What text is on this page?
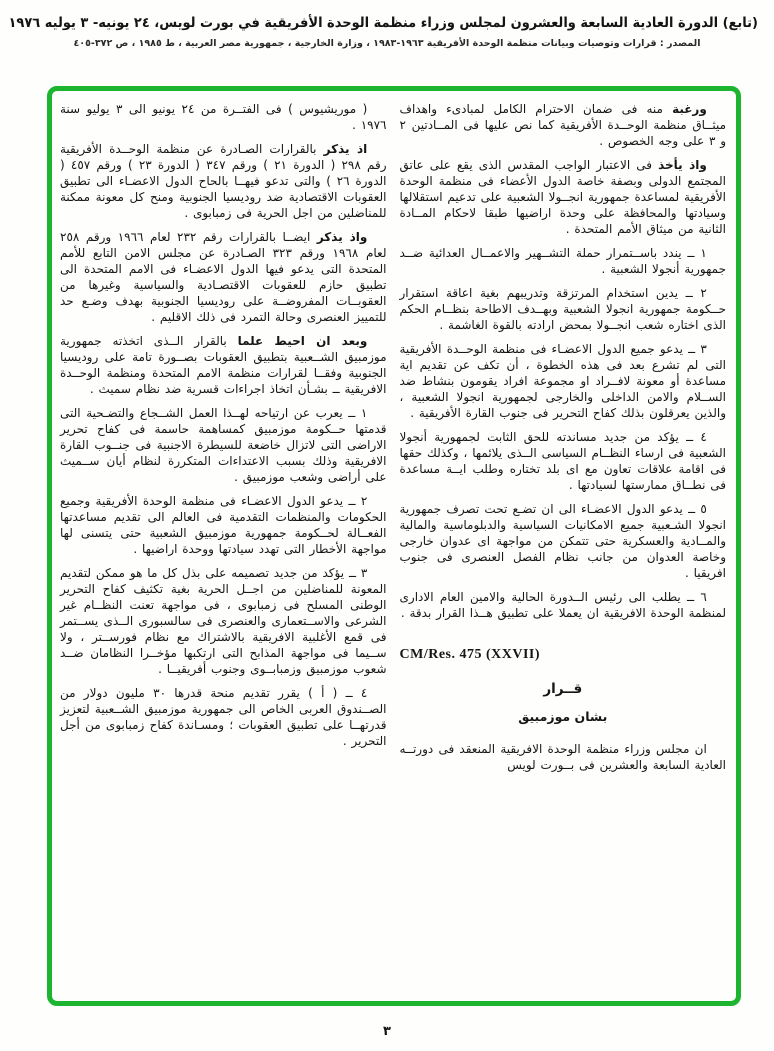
(تابع) الدورة العادية السابعة والعشرون لمجلس وزراء منظمة الوحدة الأفريقية في بورت لويس، ٢٤ يونيه- ٣ يوليه ١٩٧٦
المصدر : قرارات وتوصيات وبيانات منظمة الوحدة الأفريقية ١٩٦٣-١٩٨٣ ، وزارة الخارجية ، جمهورية مصر العربية ، ط ١٩٨٥ ، ص ٣٧٢-٤٠٥

ورغبة منه فى ضمان الاحترام الكامل لمبادىء واهداف ميثــاق منظمة الوحــدة الأفريقية كما نص عليها فى المــادتين ٢ و ٣ على وجه الخصوص .

واذ يأخذ فى الاعتبار الواجب المقدس الذى يقع على عاتق المجتمع الدولى وبصفة خاصة الدول الأعضاء فى منظمة الوحدة الأفريقية لمساعدة جمهورية انجــولا الشعبية على تدعيم استقلالها وسيادتها والمحافظة على وحدة اراضيها طبقا لاحكام المــادة الثانية من ميثاق الأمم المتحدة .

١ ــ يندد باســتمرار حملة التشــهير والاعمــال العدائية ضــد جمهورية أنجولا الشعبية .

٢ ــ يدين استخدام المرتزقة وتدريبهم بغية اعاقة استقرار حــكومة جمهورية انجولا الشعبية وبهــدف الاطاحة بنظــام الحكم الذى اختاره شعب انجــولا بمحض ارادته بالقوة الغاشمة .

٣ ــ يدعو جميع الدول الاعضـاء فى منظمة الوحــدة الأفريقية التى لم تشرع بعد فى هذه الخطوة ، أن تكف عن تقديم اية مساعدة أو معونة لافــراد او مجموعة افراد يقومون بنشاط ضد الســلام والامن الداخلى والخارجى لجمهورية انجولا الشعبية ، والذين يعرقلون بذلك كفاح التحرير فى جنوب القارة الأفريقية .

٤ ــ يؤكد من جديد مساندته للحق الثابت لجمهورية أنجولا الشعبية فى ارساء النظــام السياسى الــذى يلائمها ، وكذلك حقها فى اقامة علاقات تعاون مع اى بلد تختاره وطلب ايــة مساعدة فى نطــاق ممارستها لسيادتها .

٥ ــ يدعو الدول الاعضـاء الى ان تضـع تحت تصرف جمهورية انجولا الشـعبية جميع الامكانيات السياسية والدبلوماسية والمالية والمــادية والعسكرية حتى تتمكن من مواجهة اى عدوان خارجى وخاصة العدوان من جانب نظام الفصل العنصرى فى جنوب افريقيا .

٦ ــ يطلب الى رئيس الــدورة الحالية والامين العام الادارى لمنظمة الوحدة الافريقية ان يعملا على تطبيق هــذا القرار بدقة .

CM/Res. 475 (XXVII)
قــرار
بشان موزمبيق

ان مجلس وزراء منظمة الوحدة الافريقية المنعقد فى دورتــه العادية السابعة والعشرين فى بــورت لويس

( موريشيوس ) فى الفتــرة من ٢٤ يونيو الى ٣ يوليو سنة ١٩٧٦ .

اذ يذكر بالقرارات الصـادرة عن منظمة الوحــدة الأفريقية رقم ٢٩٨ ( الدورة ٢١ ) ورقم ٣٤٧ ( الدورة ٢٣ ) ورقم ٤٥٧ ( الدورة ٢٦ ) والتى تدعو فيهــا بالحاح الدول الاعضـاء الى تطبيق العقوبات الاقتصادية ضد روديسيا الجنوبية ومنح كل معونة ممكنة للمناضلين من اجل الحرية فى زمبابوى .

واذ يذكر ايضــا بالقرارات رقم ٢٣٢ لعام ١٩٦٦ ورقم ٢٥٨ لعام ١٩٦٨ ورقم ٣٢٣ الصـادرة عن مجلس الامن التابع للأمم المتحدة التى يدعو فيها الدول الاعضـاء فى الامم المتحدة الى تطبيق حازم للعقوبات الاقتصـادية والسياسية وغيرها من العقوبــات المفروضــة على روديسيا الجنوبية بهدف وضـع حد للتمييز العنصرى وحالة التمرد فى ذلك الاقليم .

وبعد ان احيط علما بالقرار الــذى اتخذته جمهورية موزمبيق الشــعبية بتطبيق العقوبات بصــورة تامة على روديسيا الجنوبية وفقــا لقرارات منظمة الامم المتحدة ومنظمة الوحــدة الافريقية ــ بشـأن اتخاذ اجراءات قسرية ضد نظام سميث .

١ ــ يعرب عن ارتياحه لهــذا العمل الشــجاع والتضـحية التى قدمتها حــكومة موزمبيق كمساهمة حاسمة فى كفاح تحرير الاراضى التى لاتزال خاضعة للسيطرة الاجنبية فى جنــوب القارة الافريقية وذلك بسبب الاعتداءات المتكررة لنظام أيان ســميث على أراضى وشعب موزمبيق .

٢ ــ يدعو الدول الاعضـاء فى منظمة الوحدة الأفريقية وجميع الحكومات والمنظمات التقدمية فى العالم الى تقديم مساعدتها الفعــالة لحــكومة جمهورية موزمبيق الشعبية حتى يتسنى لها مواجهة الأخطار التى تهدد سيادتها ووحدة اراضيها .

٣ ــ يؤكد من جديد تصميمه على بذل كل ما هو ممكن لتقديم المعونة للمناضلين من اجــل الحرية بغية تكثيف كفاح التحرير الوطنى المسلح فى زمبابوى ، فى مواجهة تعنت النظــام غير الشرعى والاســتعمارى والعنصرى فى سالسبورى الــذى يســتمر فى قمع الأغلبية الافريقية بالاشتراك مع نظام فورســتر ، ولا ســيما فى مواجهة المذابح التى ارتكبها مؤخــرا النظامان ضــد شعوب موزمبيق وزمبابــوى وجنوب أفريقيــا .

٤ ــ ( أ ) يقرر تقديم منحة قدرها ٣٠ مليون دولار من الصــندوق العربى الخاص الى جمهورية موزمبيق الشــعبية لتعزيز قدرتهــا على تطبيق العقوبات ؛ ومسـاندة كفاح زمبابوى من أجل التحرير .

٣
